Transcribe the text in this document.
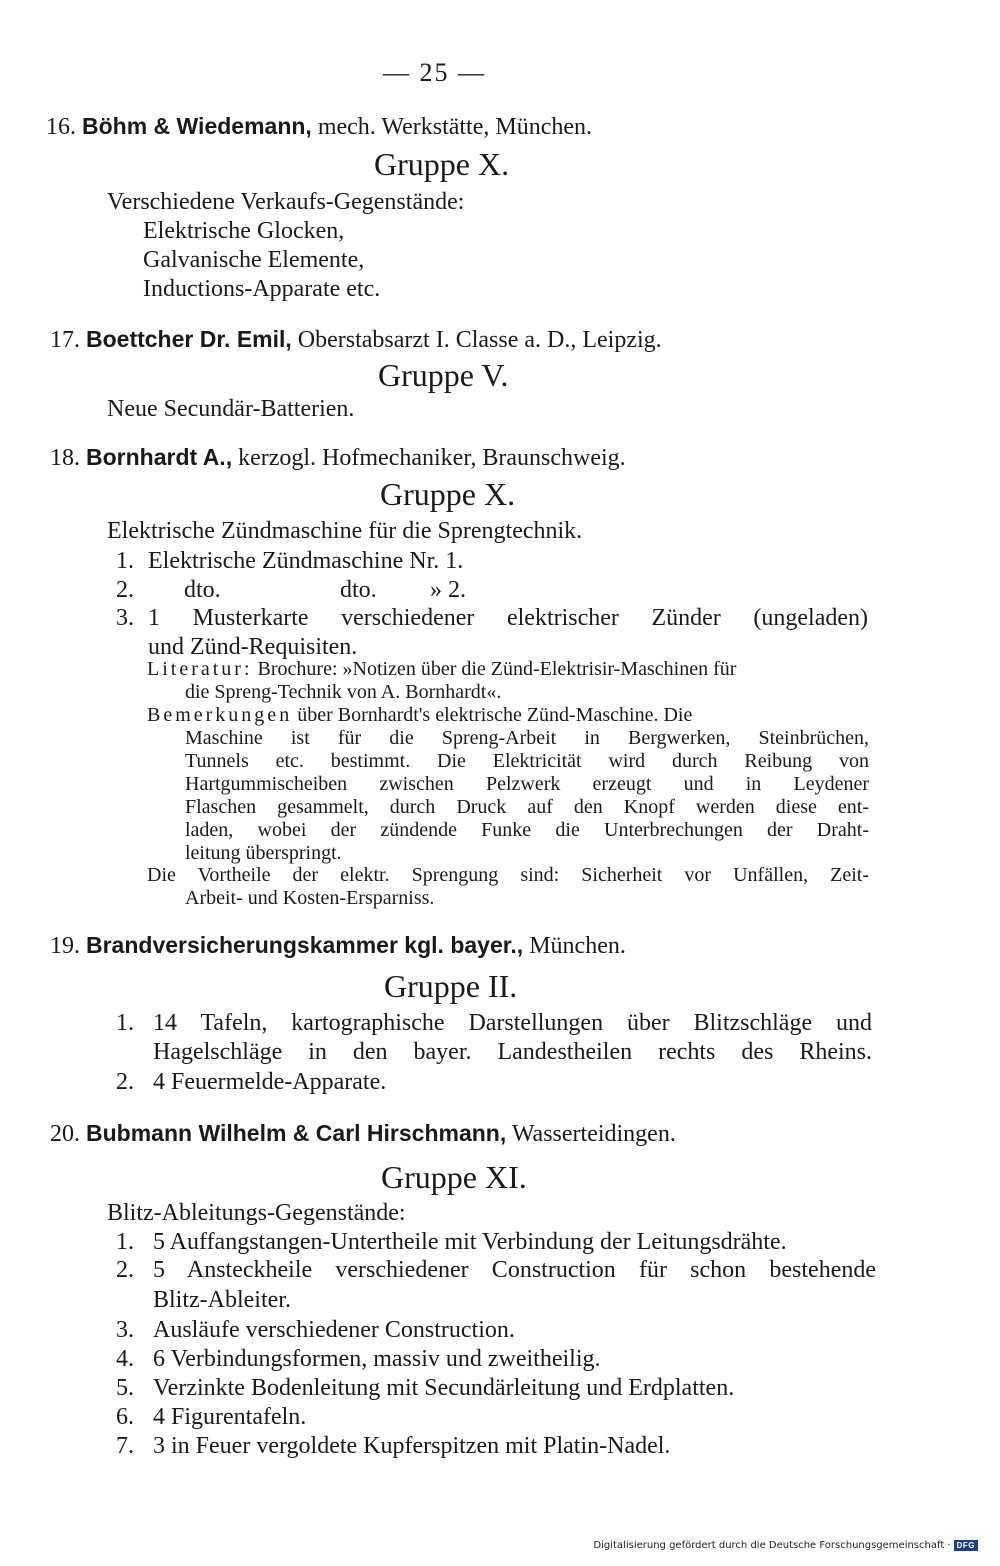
— 25 —
16. Böhm & Wiedemann, mech. Werkstätte, München.
Gruppe X.
Verschiedene Verkaufs-Gegenstände:
Elektrische Glocken,
Galvanische Elemente,
Inductions-Apparate etc.
17. Boettcher Dr. Emil, Oberstabsarzt I. Classe a. D., Leipzig.
Gruppe V.
Neue Secundär-Batterien.
18. Bornhardt A., kerzogl. Hofmechaniker, Braunschweig.
Gruppe X.
Elektrische Zündmaschine für die Sprengtechnik.
1. Elektrische Zündmaschine Nr. 1.
2. dto.	dto. » 2.
3. 1 Musterkarte verschiedener elektrischer Zünder (ungeladen)
und Zünd-Requisiten.
Literatur: Brochure: »Notizen über die Zünd-Elektrisir-Maschinen für
die Spreng-Technik von A. Bornhardt«.
Bemerkungen über Bornhardt's elektrische Zünd-Maschine. Die
Maschine ist für die Spreng-Arbeit in Bergwerken, Steinbrüchen,
Tunnels etc. bestimmt. Die Elektricität wird durch Reibung von
Hartgummischeiben zwischen Pelzwerk erzeugt und in Leydener
Flaschen gesammelt, durch Druck auf den Knopf werden diese ent-
laden, wobei der zündende Funke die Unterbrechungen der Draht-
leitung überspringt.
Die Vortheile der elektr. Sprengung sind: Sicherheit vor Unfällen, Zeit-
Arbeit- und Kosten-Ersparniss.
19. Brandversicherungskammer kgl. bayer., München.
Gruppe II.
1. 14 Tafeln, kartographische Darstellungen über Blitzschläge und
Hagelschläge in den bayer. Landestheilen rechts des Rheins.
2. 4 Feuermelde-Apparate.
20. Bubmann Wilhelm & Carl Hirschmann, Wasserteidingen.
Gruppe XI.
Blitz-Ableitungs-Gegenstände:
1. 5 Auffangstangen-Untertheile mit Verbindung der Leitungsdrähte.
2. 5 Ansteckheile verschiedener Construction für schon bestehende
Blitz-Ableiter.
3. Ausläufe verschiedener Construction.
4. 6 Verbindungsformen, massiv und zweitheilig.
5. Verzinkte Bodenleitung mit Secundärleitung und Erdplatten.
6. 4 Figurentafeln.
7. 3 in Feuer vergoldete Kupferspitzen mit Platin-Nadel.
Digitalisierung gefördert durch die Deutsche Forschungsgemeinschaft · DFG
